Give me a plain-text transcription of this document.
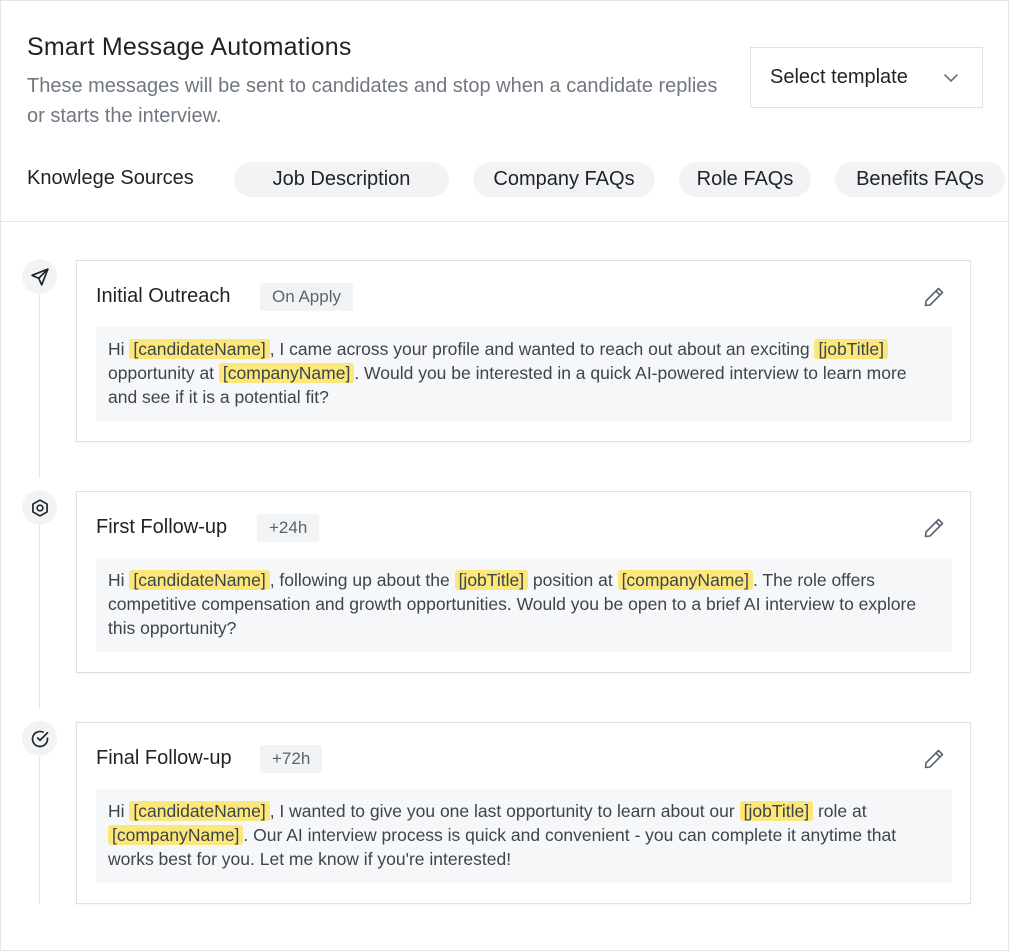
Smart Message Automations
These messages will be sent to candidates and stop when a candidate replies or starts the interview.
Select template
Knowlege Sources	Job Description	Company FAQs	Role FAQs	Benefits FAQs
Initial Outreach	On Apply
Hi [candidateName] , I came across your profile and wanted to reach out about an exciting [jobTitle] opportunity at [companyName] . Would you be interested in a quick AI-powered interview to learn more and see if it is a potential fit?
First Follow-up	+24h
Hi [candidateName] , following up about the [jobTitle] position at [companyName] . The role offers competitive compensation and growth opportunities. Would you be open to a brief AI interview to explore this opportunity?
Final Follow-up	+72h
Hi [candidateName] , I wanted to give you one last opportunity to learn about our [jobTitle] role at [companyName] . Our AI interview process is quick and convenient - you can complete it anytime that works best for you. Let me know if you're interested!
